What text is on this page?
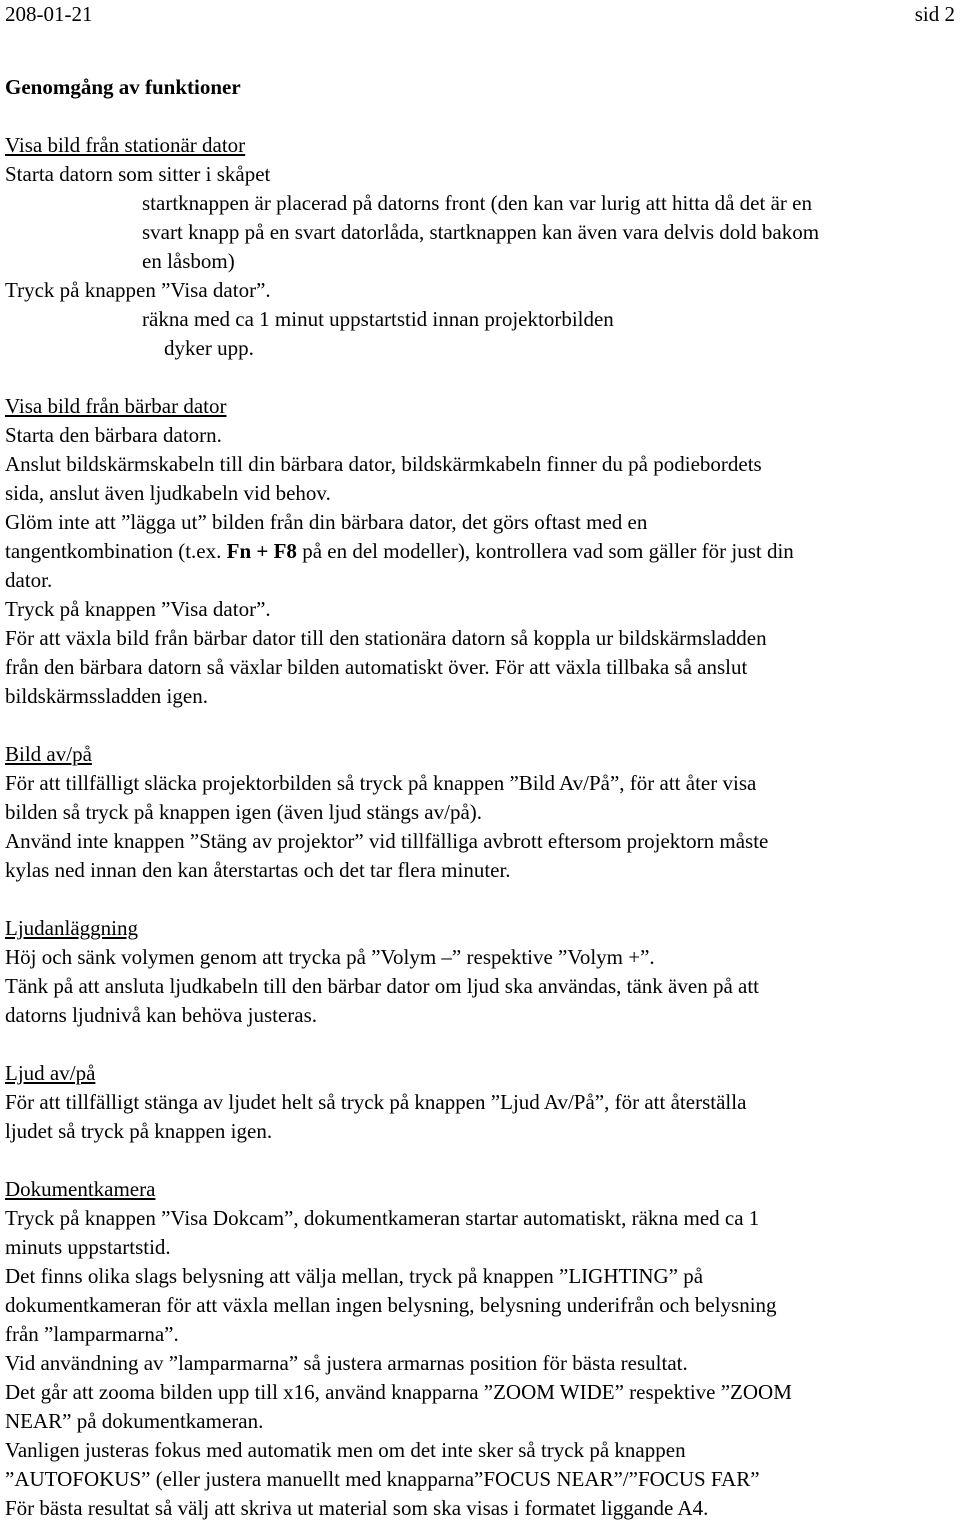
208-01-21	sid 2
Genomgång av funktioner
Visa bild från stationär dator
Starta datorn som sitter i skåpet
startknappen är placerad på datorns front (den kan var lurig att hitta då det är en
svart knapp på en svart datorlåda, startknappen kan även vara delvis dold bakom
en låsbom)
Tryck på knappen ”Visa dator”.
räkna med ca 1 minut uppstartstid innan projektorbilden
dyker upp.
Visa bild från bärbar dator
Starta den bärbara datorn.
Anslut bildskärmskabeln till din bärbara dator, bildskärmkabeln finner du på podiebordets
sida, anslut även ljudkabeln vid behov.
Glöm inte att ”lägga ut” bilden från din bärbara dator, det görs oftast med en
tangentkombination (t.ex. Fn + F8 på en del modeller), kontrollera vad som gäller för just din
dator.
Tryck på knappen ”Visa dator”.
För att växla bild från bärbar dator till den stationära datorn så koppla ur bildskärmsladden
från den bärbara datorn så växlar bilden automatiskt över. För att växla tillbaka så anslut
bildskärmssladden igen.
Bild av/på
För att tillfälligt släcka projektorbilden så tryck på knappen ”Bild Av/På”, för att åter visa
bilden så tryck på knappen igen (även ljud stängs av/på).
Använd inte knappen ”Stäng av projektor” vid tillfälliga avbrott eftersom projektorn måste
kylas ned innan den kan återstartas och det tar flera minuter.
Ljudanläggning
Höj och sänk volymen genom att trycka på ”Volym –” respektive ”Volym +”.
Tänk på att ansluta ljudkabeln till den bärbar dator om ljud ska användas, tänk även på att
datorns ljudnivå kan behöva justeras.
Ljud av/på
För att tillfälligt stänga av ljudet helt så tryck på knappen ”Ljud Av/På”, för att återställa
ljudet så tryck på knappen igen.
Dokumentkamera
Tryck på knappen ”Visa Dokcam”, dokumentkameran startar automatiskt, räkna med ca 1
minuts uppstartstid.
Det finns olika slags belysning att välja mellan, tryck på knappen ”LIGHTING” på
dokumentkameran för att växla mellan ingen belysning, belysning underifrån och belysning
från ”lamparmarna”.
Vid användning av ”lamparmarna” så justera armarnas position för bästa resultat.
Det går att zooma bilden upp till x16, använd knapparna ”ZOOM WIDE” respektive ”ZOOM
NEAR” på dokumentkameran.
Vanligen justeras fokus med automatik men om det inte sker så tryck på knappen
”AUTOFOKUS” (eller justera manuellt med knapparna”FOCUS NEAR”/”FOCUS FAR”
För bästa resultat så välj att skriva ut material som ska visas i formatet liggande A4.
